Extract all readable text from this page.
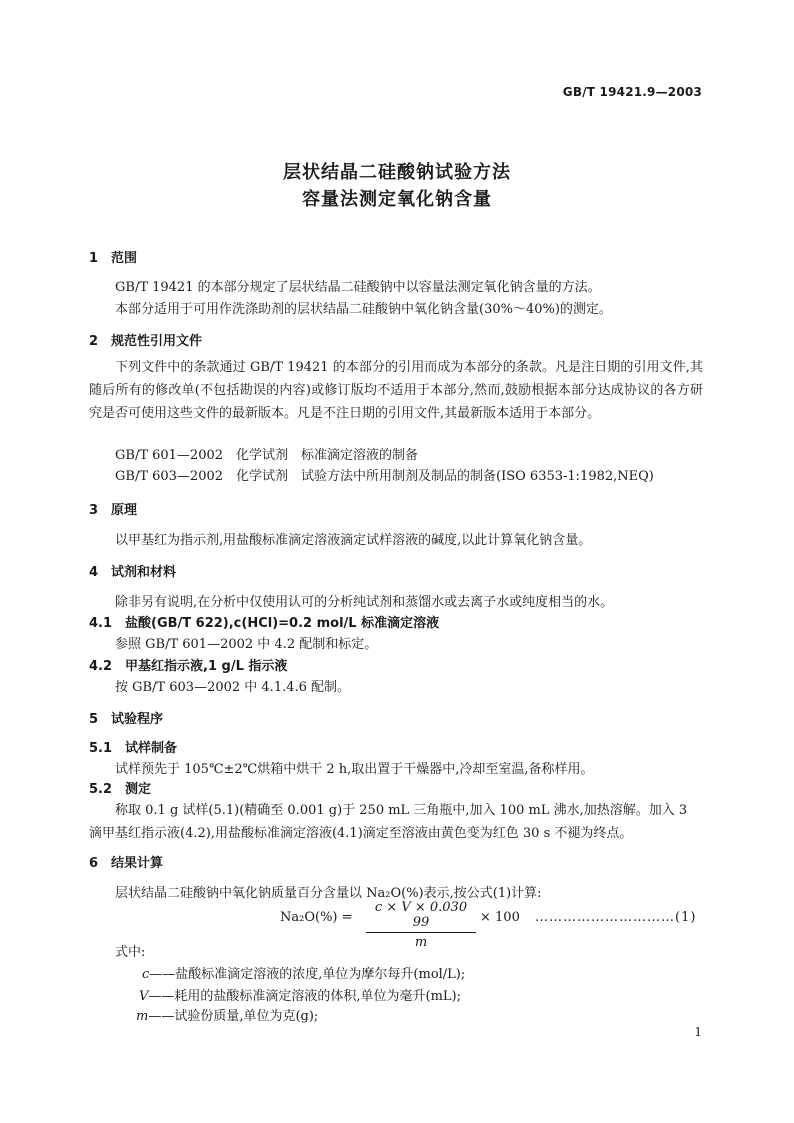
GB/T 19421.9—2003
层状结晶二硅酸钠试验方法
容量法测定氧化钠含量
1 范围
GB/T 19421 的本部分规定了层状结晶二硅酸钠中以容量法测定氧化钠含量的方法。
本部分适用于可用作洗涤助剂的层状结晶二硅酸钠中氧化钠含量(30%～40%)的测定。
2 规范性引用文件
下列文件中的条款通过 GB/T 19421 的本部分的引用而成为本部分的条款。凡是注日期的引用文件,其随后所有的修改单(不包括勘误的内容)或修订版均不适用于本部分,然而,鼓励根据本部分达成协议的各方研究是否可使用这些文件的最新版本。凡是不注日期的引用文件,其最新版本适用于本部分。
GB/T 601—2002　化学试剂　标准滴定溶液的制备
GB/T 603—2002　化学试剂　试验方法中所用制剂及制品的制备(ISO 6353-1:1982,NEQ)
3 原理
以甲基红为指示剂,用盐酸标准滴定溶液滴定试样溶液的碱度,以此计算氧化钠含量。
4 试剂和材料
除非另有说明,在分析中仅使用认可的分析纯试剂和蒸馏水或去离子水或纯度相当的水。
4.1 盐酸(GB/T 622),c(HCl)=0.2 mol/L 标准滴定溶液
参照 GB/T 601—2002 中 4.2 配制和标定。
4.2 甲基红指示液,1 g/L 指示液
按 GB/T 603—2002 中 4.1.4.6 配制。
5 试验程序
5.1 试样制备
试样预先于 105℃±2℃烘箱中烘干 2 h,取出置于干燥器中,冷却至室温,备称样用。
5.2 测定
称取 0.1 g 试样(5.1)(精确至 0.001 g)于 250 mL 三角瓶中,加入 100 mL 沸水,加热溶解。加入 3
滴甲基红指示液(4.2),用盐酸标准滴定溶液(4.1)滴定至溶液由黄色变为红色 30 s 不褪为终点。
6 结果计算
层状结晶二硅酸钠中氧化钠质量百分含量以 Na₂O(%)表示,按公式(1)计算:
Na₂O(%) =
c × V × 0.030 99
m
× 100 …………………………(1)
式中:
c——盐酸标准滴定溶液的浓度,单位为摩尔每升(mol/L);
V——耗用的盐酸标准滴定溶液的体积,单位为毫升(mL);
m——试验份质量,单位为克(g);
1
